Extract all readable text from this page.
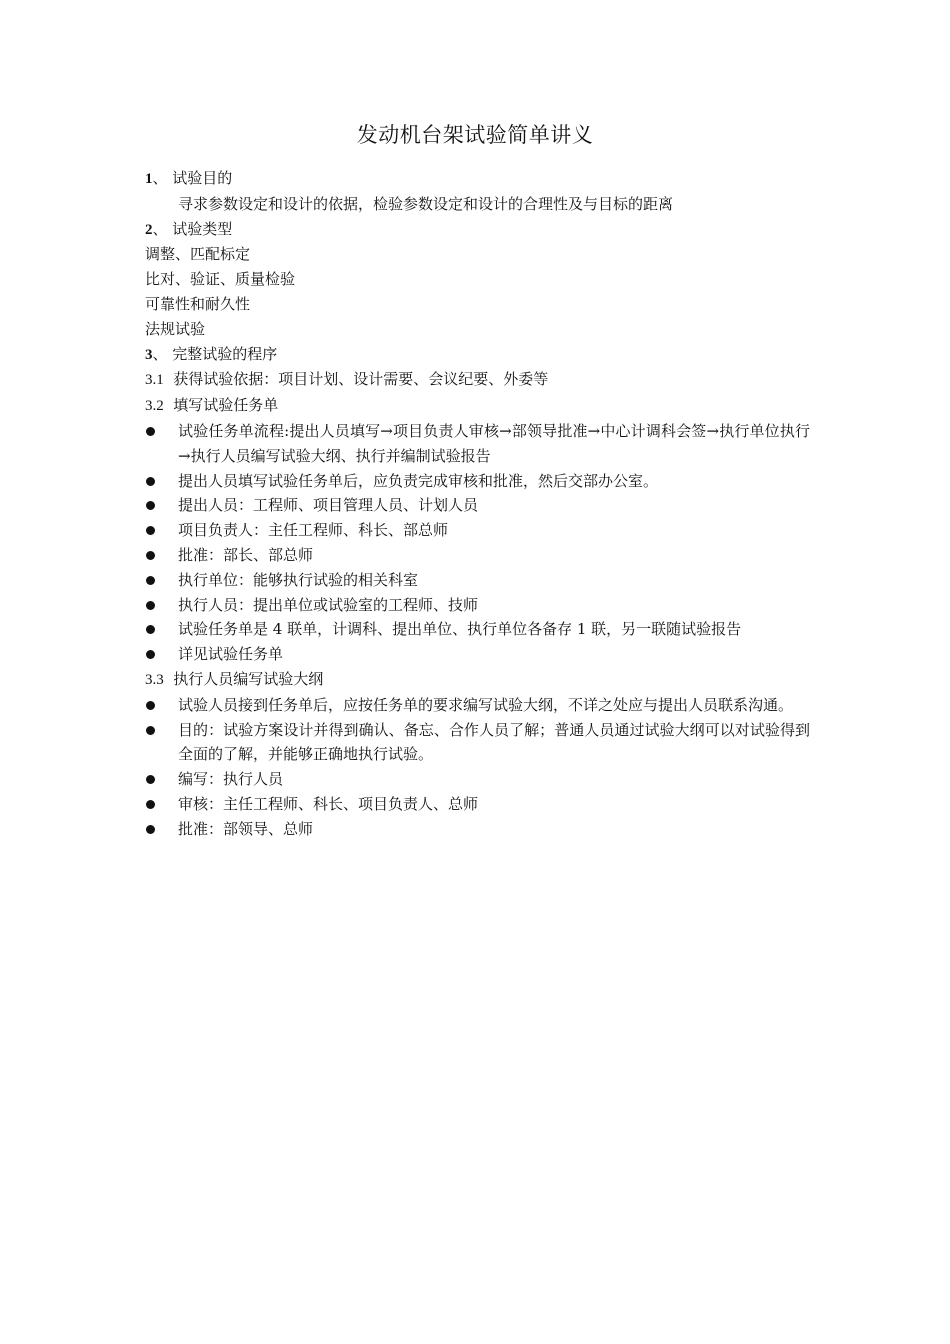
发动机台架试验简单讲义
1、 试验目的
寻求参数设定和设计的依据，检验参数设定和设计的合理性及与目标的距离
2、 试验类型
调整、匹配标定
比对、验证、质量检验
可靠性和耐久性
法规试验
3、 完整试验的程序
3.1 获得试验依据：项目计划、设计需要、会议纪要、外委等
3.2 填写试验任务单
试验任务单流程:提出人员填写→项目负责人审核→部领导批准→中心计调科会签→执行单位执行→执行人员编写试验大纲、执行并编制试验报告
提出人员填写试验任务单后，应负责完成审核和批准，然后交部办公室。
提出人员：工程师、项目管理人员、计划人员
项目负责人：主任工程师、科长、部总师
批准：部长、部总师
执行单位：能够执行试验的相关科室
执行人员：提出单位或试验室的工程师、技师
试验任务单是 4 联单，计调科、提出单位、执行单位各备存 1 联，另一联随试验报告
详见试验任务单
3.3 执行人员编写试验大纲
试验人员接到任务单后，应按任务单的要求编写试验大纲，不详之处应与提出人员联系沟通。
目的：试验方案设计并得到确认、备忘、合作人员了解；普通人员通过试验大纲可以对试验得到全面的了解，并能够正确地执行试验。
编写：执行人员
审核：主任工程师、科长、项目负责人、总师
批准：部领导、总师
